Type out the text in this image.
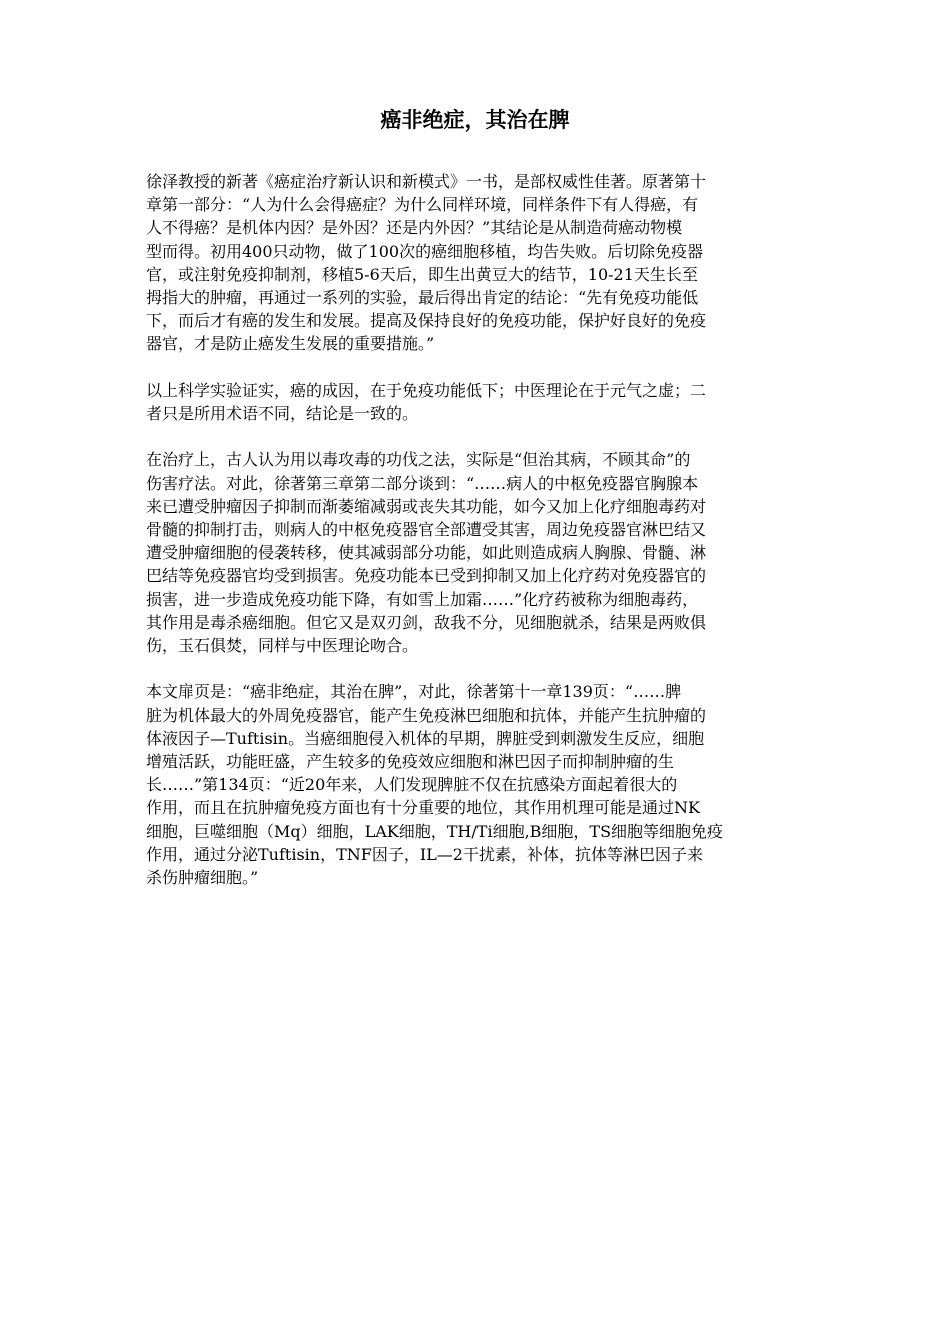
癌非绝症，其治在脾

徐泽教授的新著《癌症治疗新认识和新模式》一书，是部权威性佳著。原著第十
章第一部分：“人为什么会得癌症？为什么同样环境，同样条件下有人得癌，有
人不得癌？是机体内因？是外因？还是内外因？”其结论是从制造荷癌动物模
型而得。初用400只动物，做了100次的癌细胞移植，均告失败。后切除免疫器
官，或注射免疫抑制剂，移植5-6天后，即生出黄豆大的结节，10-21天生长至
拇指大的肿瘤，再通过一系列的实验，最后得出肯定的结论：“先有免疫功能低
下，而后才有癌的发生和发展。提高及保持良好的免疫功能，保护好良好的免疫
器官，才是防止癌发生发展的重要措施。”

以上科学实验证实，癌的成因，在于免疫功能低下；中医理论在于元气之虚；二
者只是所用术语不同，结论是一致的。

在治疗上，古人认为用以毒攻毒的功伐之法，实际是“但治其病，不顾其命”的
伤害疗法。对此，徐著第三章第二部分谈到：“……病人的中枢免疫器官胸腺本
来已遭受肿瘤因子抑制而渐萎缩减弱或丧失其功能，如今又加上化疗细胞毒药对
骨髓的抑制打击，则病人的中枢免疫器官全部遭受其害，周边免疫器官淋巴结又
遭受肿瘤细胞的侵袭转移，使其减弱部分功能，如此则造成病人胸腺、骨髓、淋
巴结等免疫器官均受到损害。免疫功能本已受到抑制又加上化疗药对免疫器官的
损害，进一步造成免疫功能下降，有如雪上加霜……”化疗药被称为细胞毒药，
其作用是毒杀癌细胞。但它又是双刃剑，敌我不分，见细胞就杀，结果是两败俱
伤，玉石俱焚，同样与中医理论吻合。

本文扉页是：“癌非绝症，其治在脾”，对此，徐著第十一章139页：“……脾
脏为机体最大的外周免疫器官，能产生免疫淋巴细胞和抗体，并能产生抗肿瘤的
体液因子—Tuftisin。当癌细胞侵入机体的早期，脾脏受到刺激发生反应，细胞
增殖活跃，功能旺盛，产生较多的免疫效应细胞和淋巴因子而抑制肿瘤的生
长……”第134页：“近20年来，人们发现脾脏不仅在抗感染方面起着很大的
作用，而且在抗肿瘤免疫方面也有十分重要的地位，其作用机理可能是通过NK
细胞，巨噬细胞（Mq）细胞，LAK细胞，TH/Ti细胞,B细胞，TS细胞等细胞免疫
作用，通过分泌Tuftisin，TNF因子，IL—2干扰素，补体，抗体等淋巴因子来
杀伤肿瘤细胞。”
